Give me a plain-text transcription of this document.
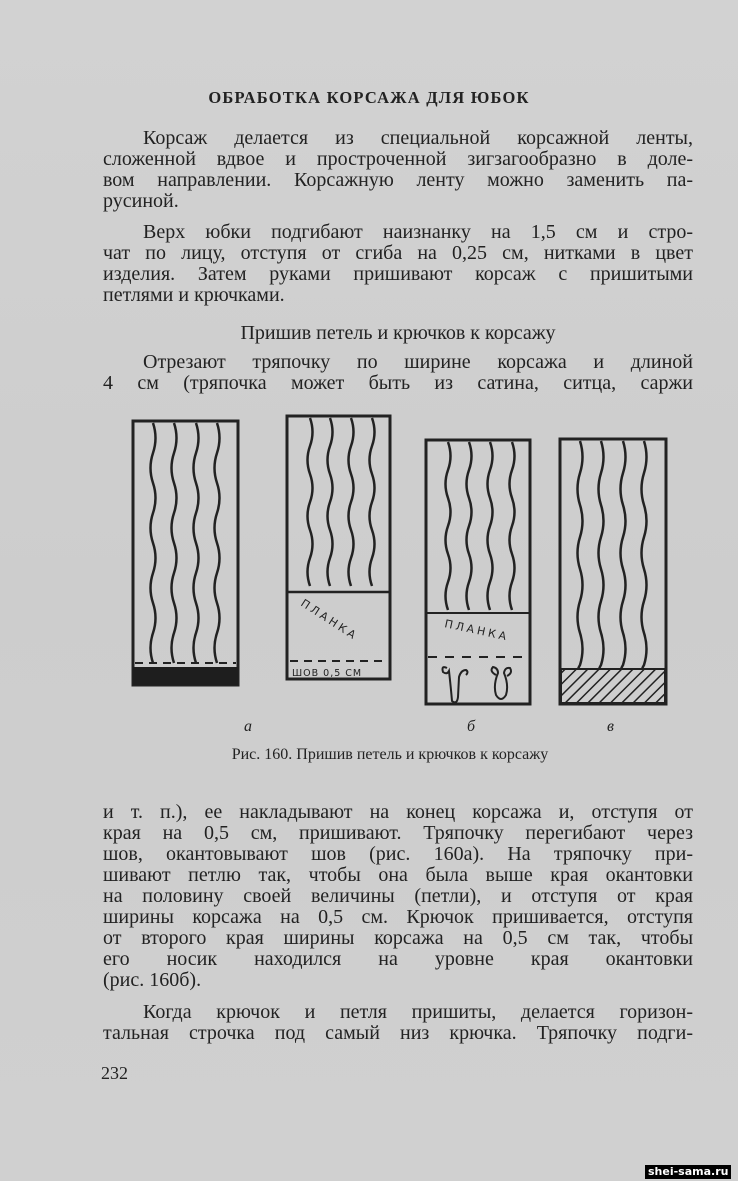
ОБРАБОТКА КОРСАЖА ДЛЯ ЮБОК
Корсаж делается из специальной корсажной ленты,
сложенной вдвое и простроченной зигзагообразно в доле-
вом направлении. Корсажную ленту можно заменить па-
русиной.
Верх юбки подгибают наизнанку на 1,5 см и стро-
чат по лицу, отступя от сгиба на 0,25 см, нитками в цвет
изделия. Затем руками пришивают корсаж с пришитыми
петлями и крючками.
Пришив петель и крючков к корсажу
Отрезают тряпочку по ширине корсажа и длиной
4 см (тряпочка может быть из сатина, ситца, саржи
ПЛАНКА
ШОВ 0,5 СМ
ПЛАНКА
а	б	в
Рис. 160. Пришив петель и крючков к корсажу
и т. п.), ее накладывают на конец корсажа и, отступя от
края на 0,5 см, пришивают. Тряпочку перегибают через
шов, окантовывают шов (рис. 160а). На тряпочку при-
шивают петлю так, чтобы она была выше края окантовки
на половину своей величины (петли), и отступя от края
ширины корсажа на 0,5 см. Крючок пришивается, отступя
от второго края ширины корсажа на 0,5 см так, чтобы
его носик находился на уровне края окантовки
(рис. 160б).
Когда крючок и петля пришиты, делается горизон-
тальная строчка под самый низ крючка. Тряпочку подги-
232
shei-sama.ru
